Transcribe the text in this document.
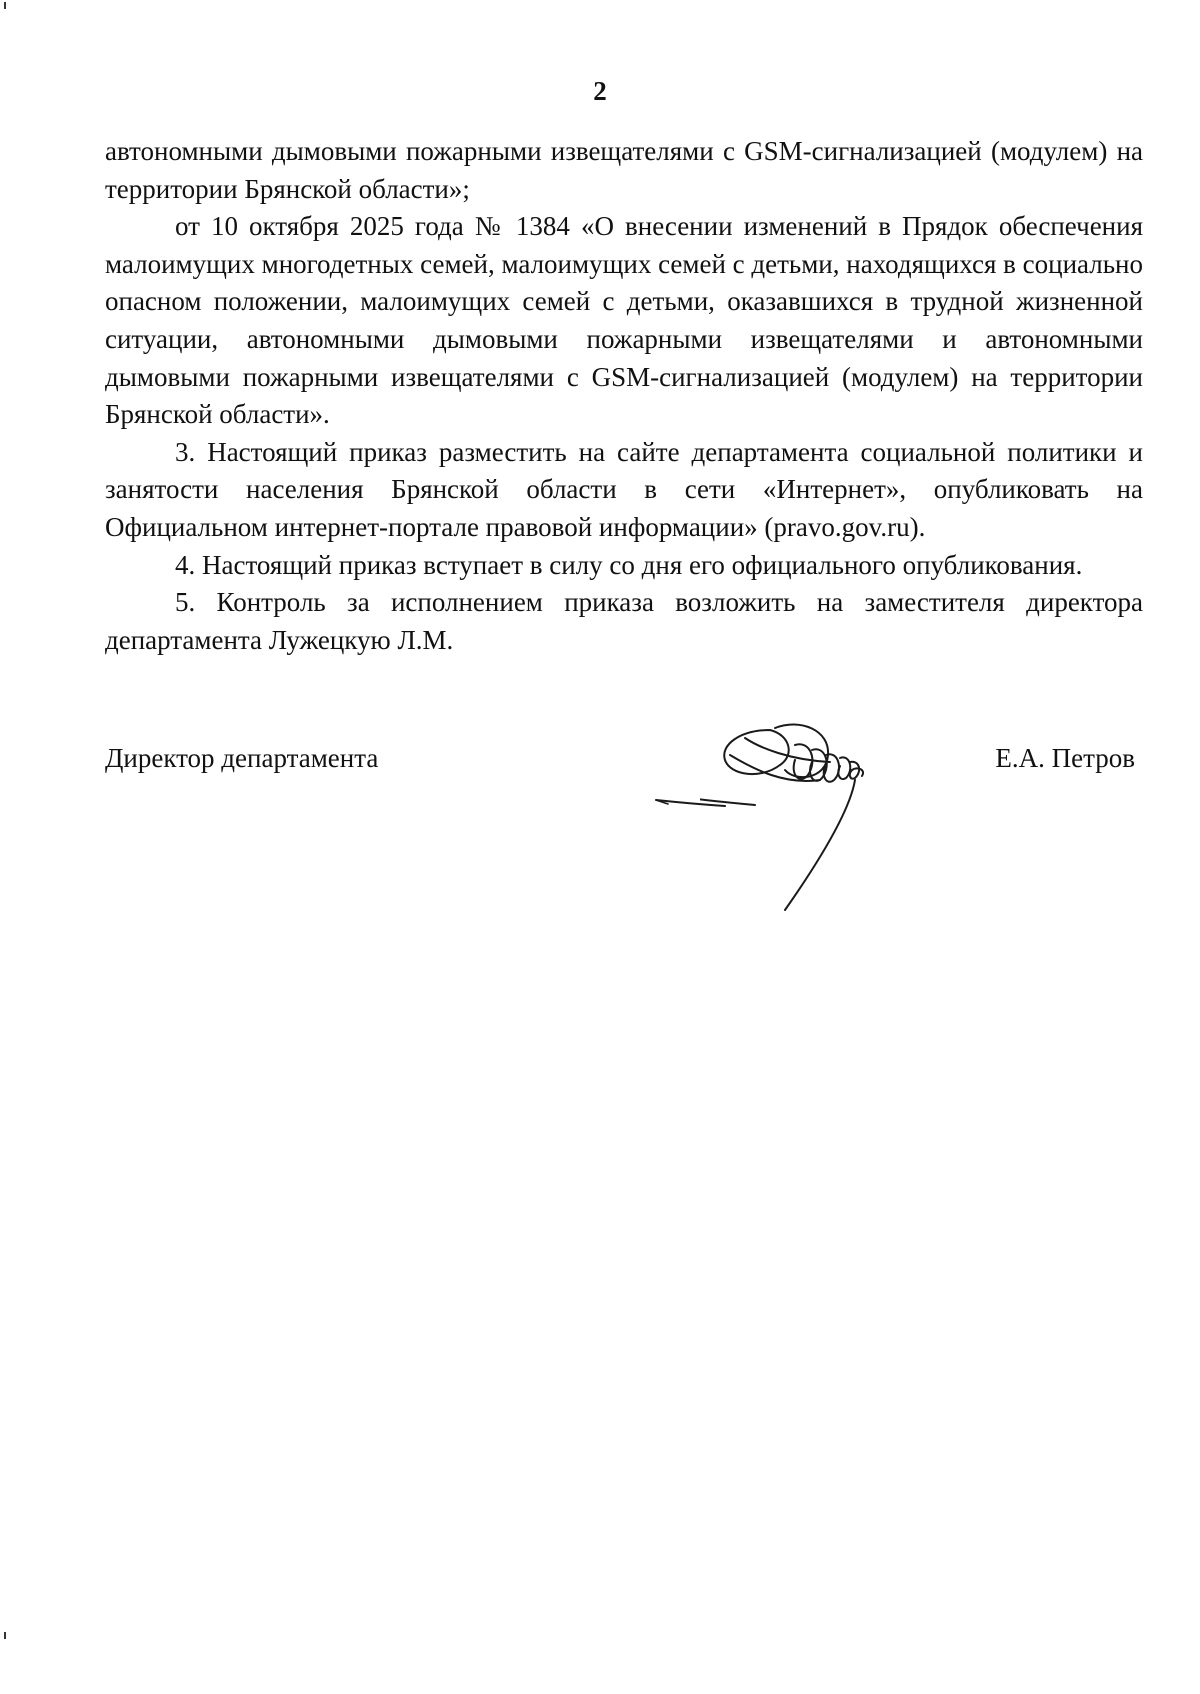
2

автономными дымовыми пожарными извещателями с GSM-сигнализацией (модулем) на территории Брянской области»;

от 10 октября 2025 года № 1384 «О внесении изменений в Прядок обеспечения малоимущих многодетных семей, малоимущих семей с детьми, находящихся в социально опасном положении, малоимущих семей с детьми, оказавшихся в трудной жизненной ситуации, автономными дымовыми пожарными извещателями и автономными дымовыми пожарными извещателями с GSM-сигнализацией (модулем) на территории Брянской области».

3. Настоящий приказ разместить на сайте департамента социальной политики и занятости населения Брянской области в сети «Интернет», опубликовать на Официальном интернет-портале правовой информации» (pravo.gov.ru).

4. Настоящий приказ вступает в силу со дня его официального опубликования.

5. Контроль за исполнением приказа возложить на заместителя директора департамента Лужецкую Л.М.

Директор департамента	Е.А. Петров
